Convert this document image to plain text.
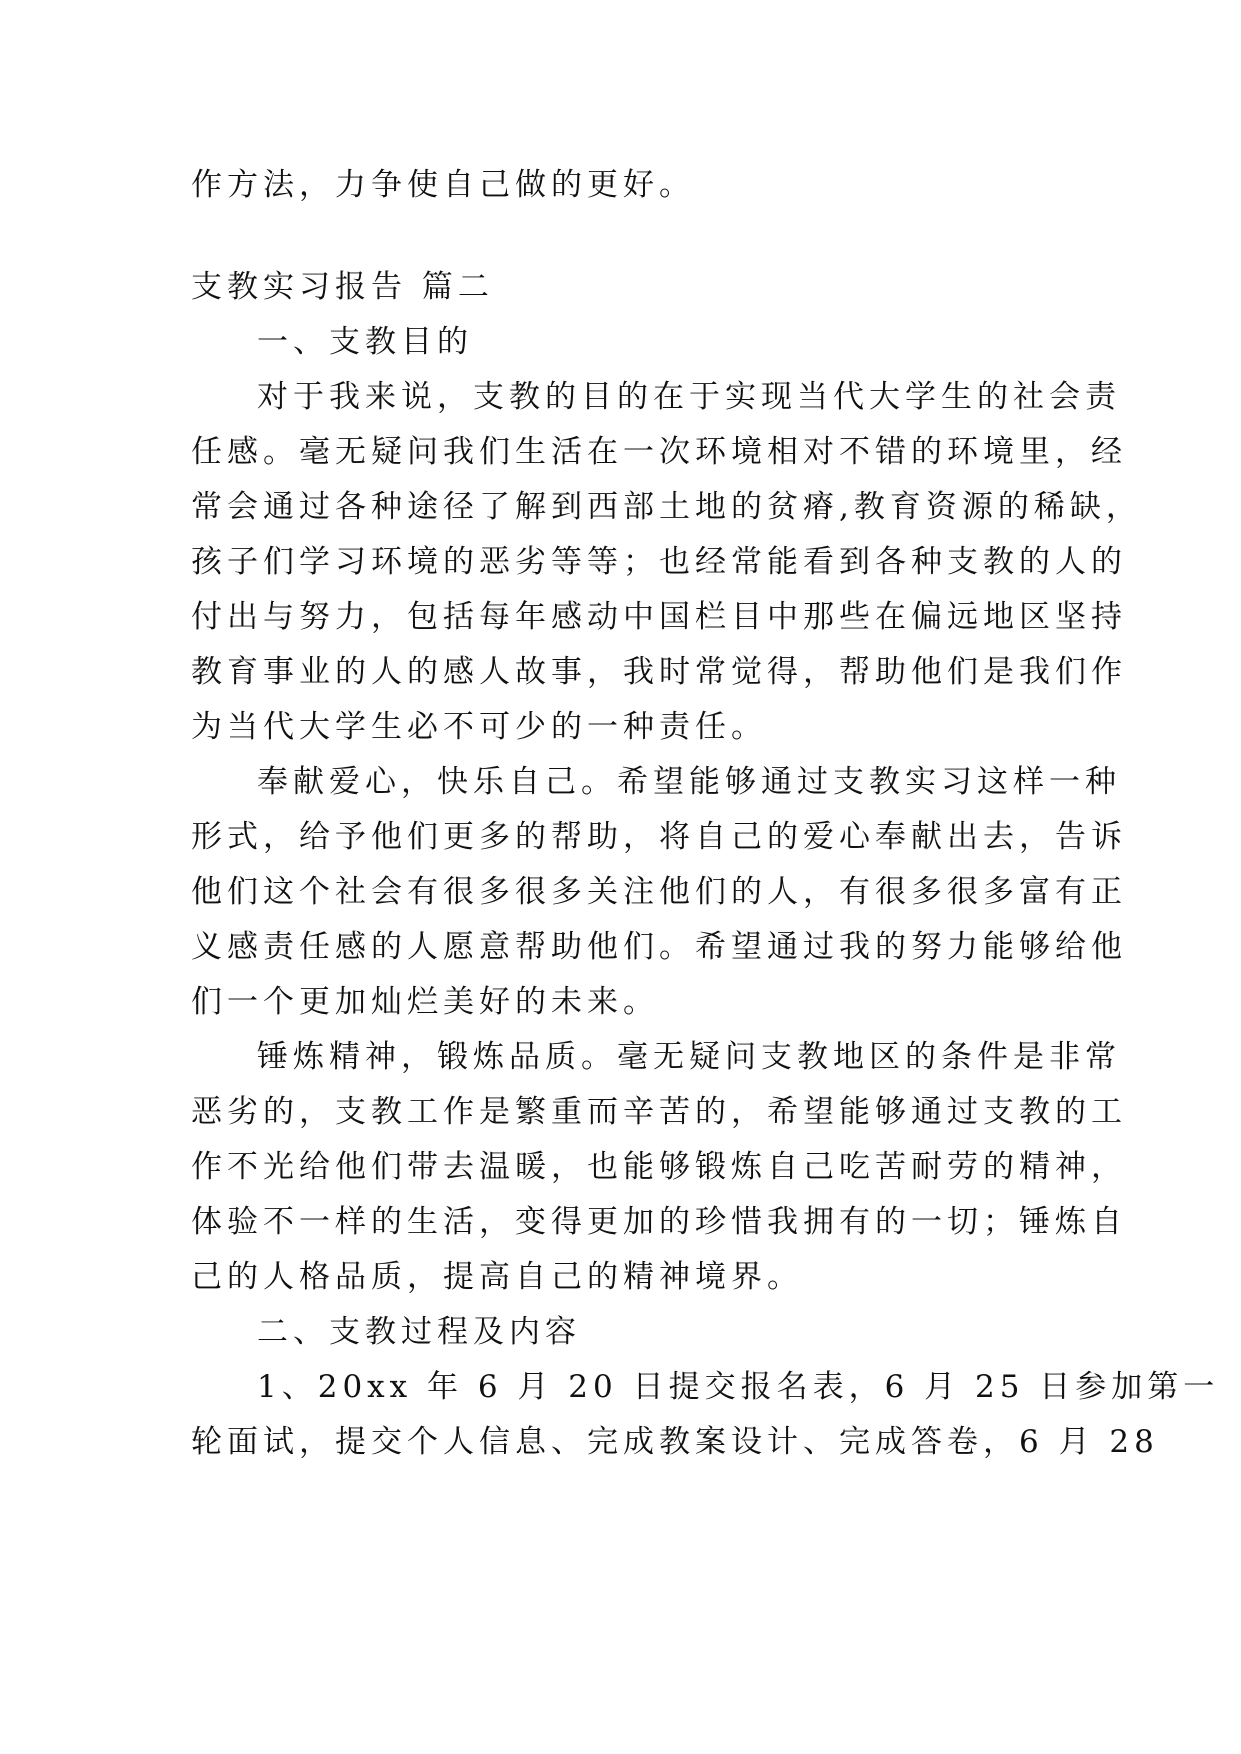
作方法，力争使自己做的更好。
支教实习报告 篇二
一、支教目的
对于我来说，支教的目的在于实现当代大学生的社会责
任感。毫无疑问我们生活在一次环境相对不错的环境里，经
常会通过各种途径了解到西部土地的贫瘠,教育资源的稀缺，
孩子们学习环境的恶劣等等；也经常能看到各种支教的人的
付出与努力，包括每年感动中国栏目中那些在偏远地区坚持
教育事业的人的感人故事，我时常觉得，帮助他们是我们作
为当代大学生必不可少的一种责任。
奉献爱心，快乐自己。希望能够通过支教实习这样一种
形式，给予他们更多的帮助，将自己的爱心奉献出去，告诉
他们这个社会有很多很多关注他们的人，有很多很多富有正
义感责任感的人愿意帮助他们。希望通过我的努力能够给他
们一个更加灿烂美好的未来。
锤炼精神，锻炼品质。毫无疑问支教地区的条件是非常
恶劣的，支教工作是繁重而辛苦的，希望能够通过支教的工
作不光给他们带去温暖，也能够锻炼自己吃苦耐劳的精神，
体验不一样的生活，变得更加的珍惜我拥有的一切；锤炼自
己的人格品质，提高自己的精神境界。
二、支教过程及内容
1、20xx 年 6 月 20 日提交报名表，6 月 25 日参加第一
轮面试，提交个人信息、完成教案设计、完成答卷，6 月 28
